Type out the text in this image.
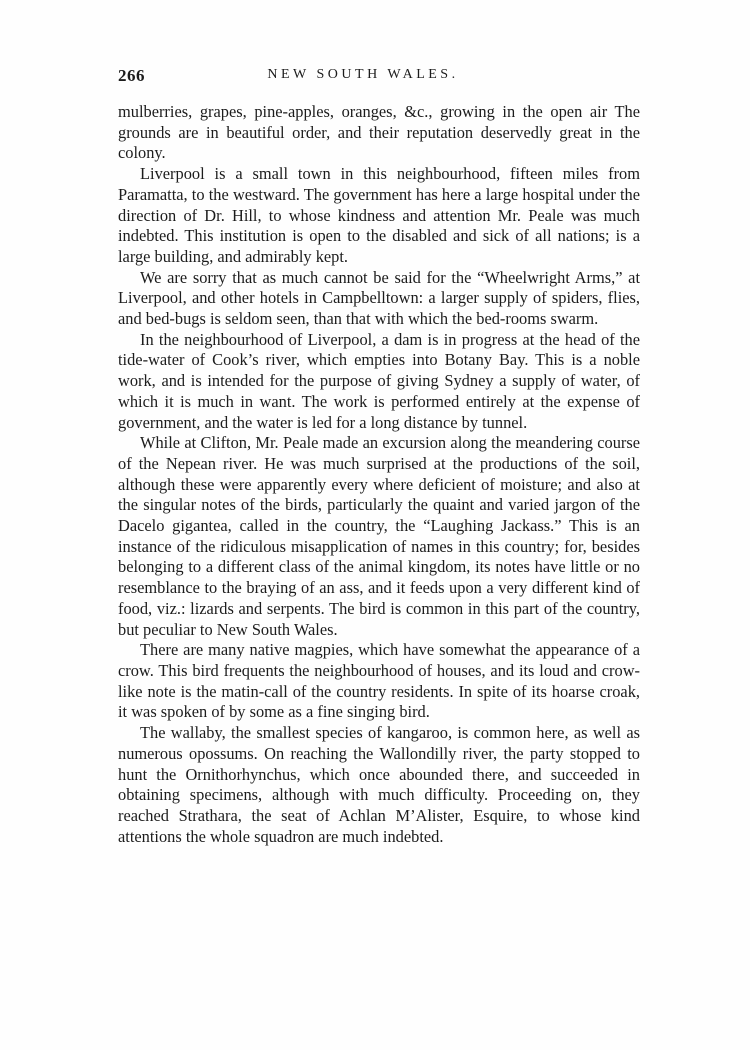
266	NEW SOUTH WALES.

mulberries, grapes, pine-apples, oranges, &c., growing in the open air The grounds are in beautiful order, and their reputation deservedly great in the colony.

Liverpool is a small town in this neighbourhood, fifteen miles from Paramatta, to the westward. The government has here a large hospital under the direction of Dr. Hill, to whose kindness and attention Mr. Peale was much indebted. This institution is open to the disabled and sick of all nations; is a large building, and admirably kept.

We are sorry that as much cannot be said for the “Wheelwright Arms,” at Liverpool, and other hotels in Campbelltown: a larger supply of spiders, flies, and bed-bugs is seldom seen, than that with which the bed-rooms swarm.

In the neighbourhood of Liverpool, a dam is in progress at the head of the tide-water of Cook’s river, which empties into Botany Bay. This is a noble work, and is intended for the purpose of giving Sydney a supply of water, of which it is much in want. The work is performed entirely at the expense of government, and the water is led for a long distance by tunnel.

While at Clifton, Mr. Peale made an excursion along the meandering course of the Nepean river. He was much surprised at the productions of the soil, although these were apparently every where deficient of moisture; and also at the singular notes of the birds, particularly the quaint and varied jargon of the Dacelo gigantea, called in the country, the “Laughing Jackass.” This is an instance of the ridiculous misapplication of names in this country; for, besides belonging to a different class of the animal kingdom, its notes have little or no resemblance to the braying of an ass, and it feeds upon a very different kind of food, viz.: lizards and serpents. The bird is common in this part of the country, but peculiar to New South Wales.

There are many native magpies, which have somewhat the appearance of a crow. This bird frequents the neighbourhood of houses, and its loud and crow-like note is the matin-call of the country residents. In spite of its hoarse croak, it was spoken of by some as a fine singing bird.

The wallaby, the smallest species of kangaroo, is common here, as well as numerous opossums. On reaching the Wallondilly river, the party stopped to hunt the Ornithorhynchus, which once abounded there, and succeeded in obtaining specimens, although with much difficulty. Proceeding on, they reached Strathara, the seat of Achlan M’Alister, Esquire, to whose kind attentions the whole squadron are much indebted.
